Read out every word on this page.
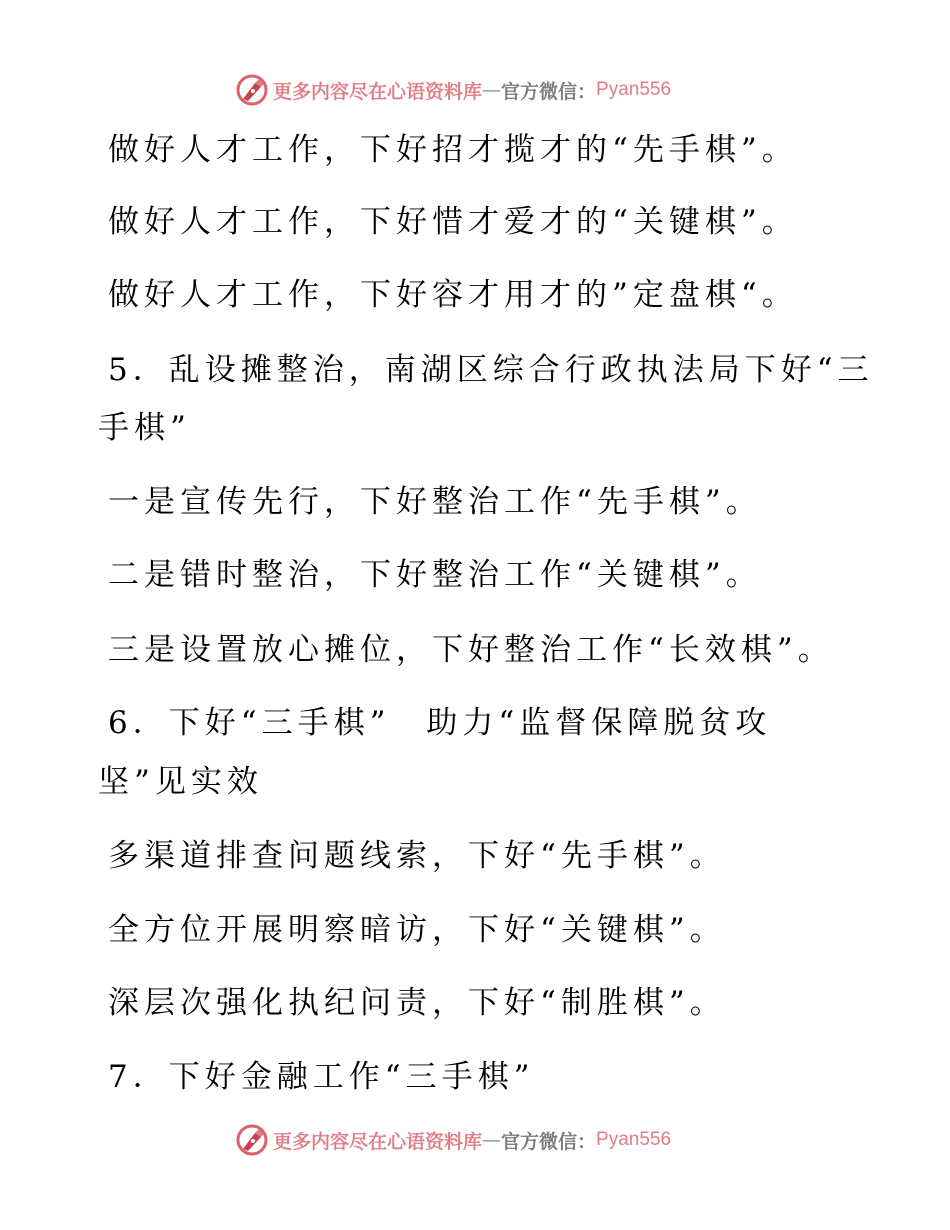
更多内容尽在心语资料库 — 官方微信： Pyan556
做好人才工作，下好招才揽才的“先手棋”。
做好人才工作，下好惜才爱才的“关键棋”。
做好人才工作，下好容才用才的”定盘棋“。
5．乱设摊整治，南湖区综合行政执法局下好“三
手棋”
一是宣传先行，下好整治工作“先手棋”。
二是错时整治，下好整治工作“关键棋”。
三是设置放心摊位，下好整治工作“长效棋”。
6．下好“三手棋”　助力“监督保障脱贫攻
坚”见实效
多渠道排查问题线索，下好“先手棋”。
全方位开展明察暗访，下好“关键棋”。
深层次强化执纪问责，下好“制胜棋”。
7．下好金融工作“三手棋”
更多内容尽在心语资料库 — 官方微信： Pyan556
